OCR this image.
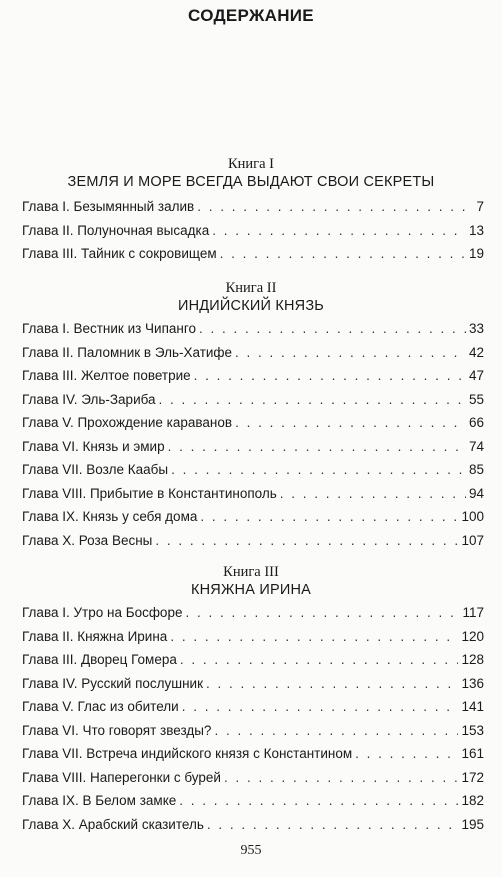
СОДЕРЖАНИЕ
Книга I
ЗЕМЛЯ И МОРЕ ВСЕГДА ВЫДАЮТ СВОИ СЕКРЕТЫ
Глава I. Безымянный залив . . .	7
Глава II. Полуночная высадка . . .	13
Глава III. Тайник с сокровищем . . .	19
Книга II
ИНДИЙСКИЙ КНЯЗЬ
Глава I. Вестник из Чипанго . . .	33
Глава II. Паломник в Эль-Хатифе . . .	42
Глава III. Желтое поветрие . . .	47
Глава IV. Эль-Зариба . . .	55
Глава V. Прохождение караванов . . .	66
Глава VI. Князь и эмир . . .	74
Глава VII. Возле Каабы . . .	85
Глава VIII. Прибытие в Константинополь . . .	94
Глава IX. Князь у себя дома . . .	100
Глава X. Роза Весны . . .	107
Книга III
КНЯЖНА ИРИНА
Глава I. Утро на Босфоре . . .	117
Глава II. Княжна Ирина . . .	120
Глава III. Дворец Гомера . . .	128
Глава IV. Русский послушник . . .	136
Глава V. Глас из обители . . .	141
Глава VI. Что говорят звезды? . . .	153
Глава VII. Встреча индийского князя с Константином . . .	161
Глава VIII. Наперегонки с бурей . . .	172
Глава IX. В Белом замке . . .	182
Глава X. Арабский сказитель . . .	195
955
